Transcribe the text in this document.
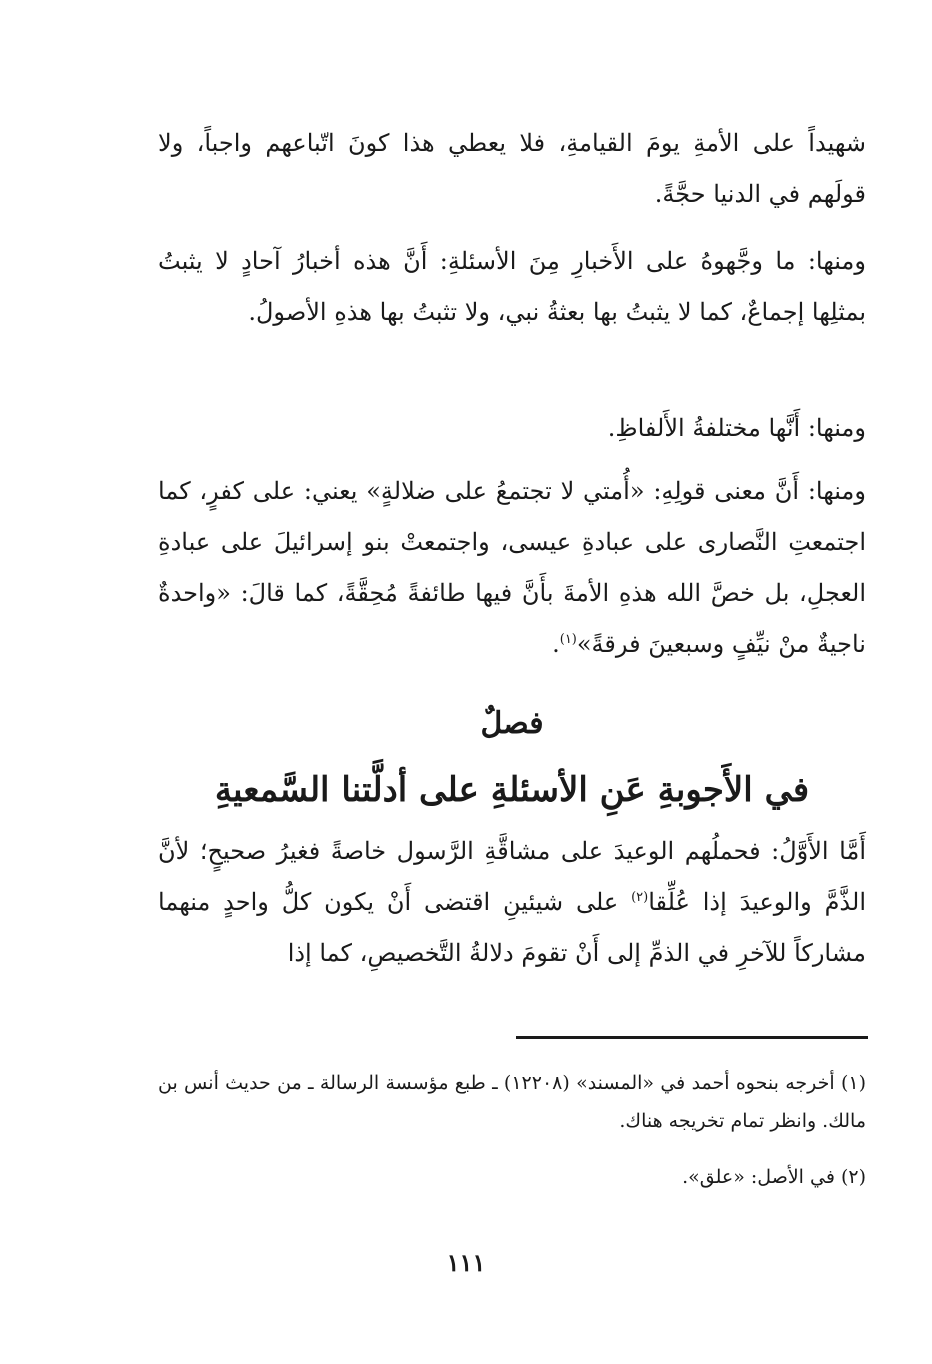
شهيداً على الأمةِ يومَ القيامةِ، فلا يعطي هذا كونَ اتّباعهم واجباً، ولا قولَهم في الدنيا حجَّةً.

ومنها: ما وجَّهوهُ على الأَخبارِ مِنَ الأسئلةِ: أَنَّ هذه أخبارُ آحادٍ لا يثبتُ بمثلِها إجماعٌ، كما لا يثبتُ بها بعثةُ نبي، ولا تثبتُ بها هذهِ الأصولُ.

ومنها: أَنَّها مختلفةُ الأَلفاظِ.

ومنها: أَنَّ معنى قولِهِ: «أُمتي لا تجتمعُ على ضلالةٍ» يعني: على كفرٍ، كما اجتمعتِ النَّصارى على عبادةِ عيسى، واجتمعتْ بنو إسرائيلَ على عبادةِ العجلِ، بل خصَّ الله هذهِ الأمةَ بأَنَّ فيها طائفةً مُحِقَّةً، كما قالَ: «واحدةٌ ناجيةٌ منْ نيِّفٍ وسبعينَ فرقةً»$^{(١)}$.

فصلٌ
في الأَجوبةِ عَنِ الأسئلةِ على أدلَّتنا السَّمعيةِ

أَمَّا الأَوَّلُ: فحملُهم الوعيدَ على مشاقَّةِ الرَّسول خاصةً فغيرُ صحيحٍ؛ لأنَّ الذَّمَّ والوعيدَ إذا عُلِّقا$^{(٢)}$ على شيئينِ اقتضى أَنْ يكون كلُّ واحدٍ منهما مشاركاً للآخرِ في الذمِّ إلى أَنْ تقومَ دلالةُ التَّخصيصِ، كما إذا

(١) أخرجه بنحوه أحمد في «المسند» (١٢٢٠٨) ـ طبع مؤسسة الرسالة ـ من حديث أنس بن مالك. وانظر تمام تخريجه هناك.

(٢) في الأصل: «علق».

١١١
